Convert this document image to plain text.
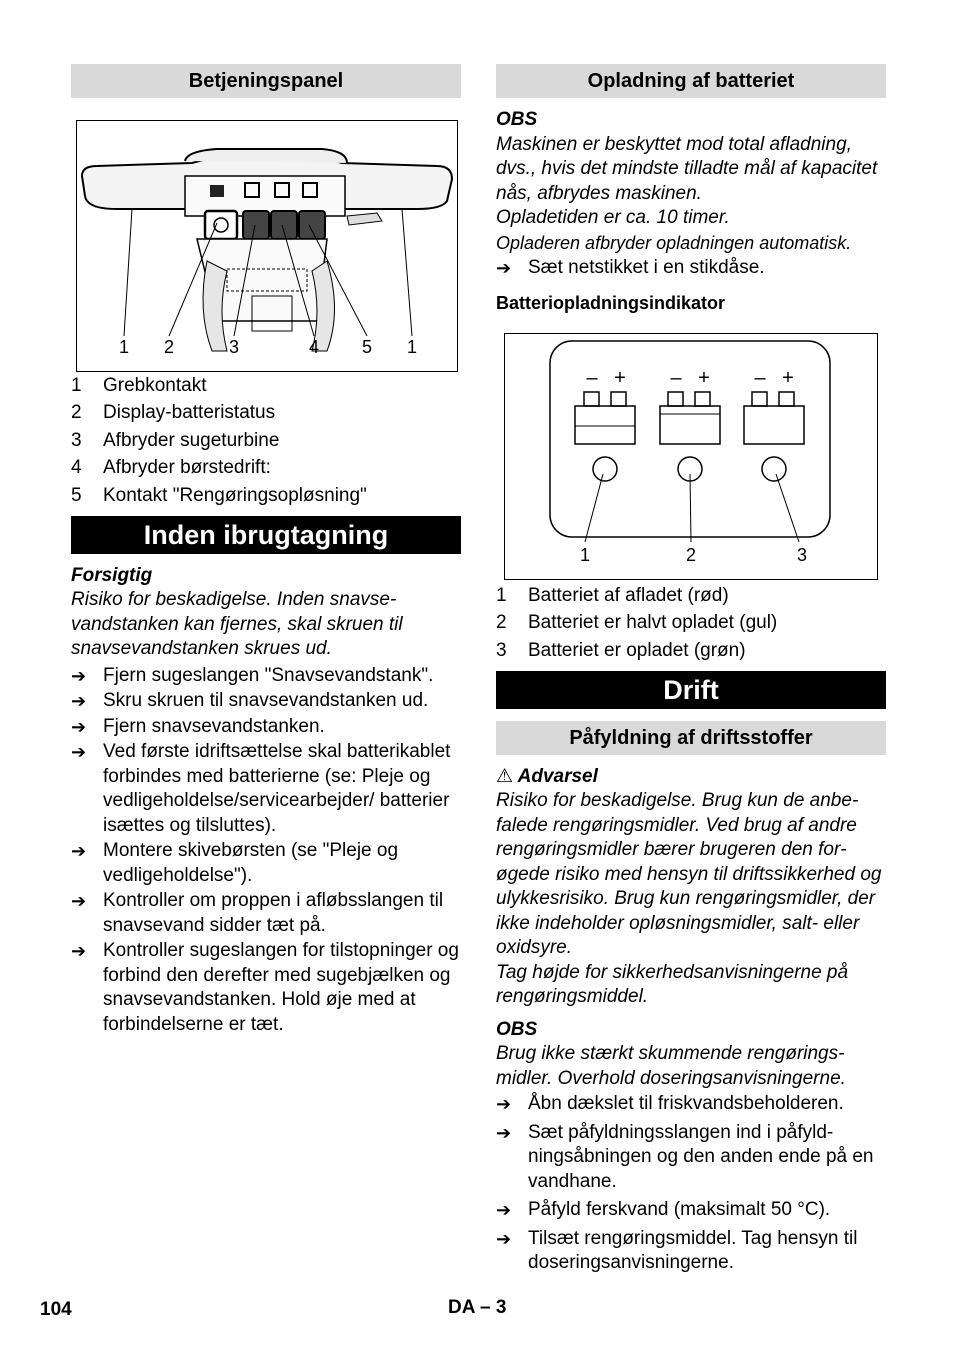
Betjeningspanel
1 2	3	4 5 1
1	Grebkontakt
2	Display-batteristatus
3	Afbryder sugeturbine
4	Afbryder børstedrift:
5	Kontakt "Rengøringsopløsning"
Inden ibrugtagning
Forsigtig
Risiko for beskadigelse. Inden snavsevandstanken kan fjernes, skal skruen til snavsevandstanken skrues ud.
➔ Fjern sugeslangen "Snavsevandstank".
➔ Skru skruen til snavsevandstanken ud.
➔ Fjern snavsevandstanken.
➔ Ved første idriftsættelse skal batterikablet forbindes med batterierne (se: Pleje og vedligeholdelse/servicearbejder/ batterier isættes og tilsluttes).
➔ Montere skivebørsten (se "Pleje og vedligeholdelse").
➔ Kontroller om proppen i afløbsslangen til snavsevand sidder tæt på.
➔ Kontroller sugeslangen for tilstopninger og forbind den derefter med sugebjælken og snavsevandstanken. Hold øje med at forbindelserne er tæt.
Opladning af batteriet
OBS
Maskinen er beskyttet mod total afladning, dvs., hvis det mindste tilladte mål af kapacitet nås, afbrydes maskinen.
Opladetiden er ca. 10 timer.
Opladeren afbryder opladningen automatisk.
➔ Sæt netstikket i en stikdåse.
Batteriopladningsindikator
– + – + – +
1	2	3
1	Batteriet af afladet (rød)
2	Batteriet er halvt opladet (gul)
3	Batteriet er opladet (grøn)
Drift
Påfyldning af driftsstoffer
⚠ Advarsel
Risiko for beskadigelse. Brug kun de anbefalede rengøringsmidler. Ved brug af andre rengøringsmidler bærer brugeren den forøgede risiko med hensyn til driftssikkerhed og ulykkesrisiko. Brug kun rengøringsmidler, der ikke indeholder opløsningsmidler, salt- eller oxidsyre.
Tag højde for sikkerhedsanvisningerne på rengøringsmiddel.
OBS
Brug ikke stærkt skummende rengøringsmidler. Overhold doseringsanvisningerne.
➔ Åbn dækslet til friskvandsbeholderen.
➔ Sæt påfyldningsslangen ind i påfyldningsåbningen og den anden ende på en vandhane.
➔ Påfyld ferskvand (maksimalt 50 °C).
➔ Tilsæt rengøringsmiddel. Tag hensyn til doseringsanvisningerne.
104	DA – 3
